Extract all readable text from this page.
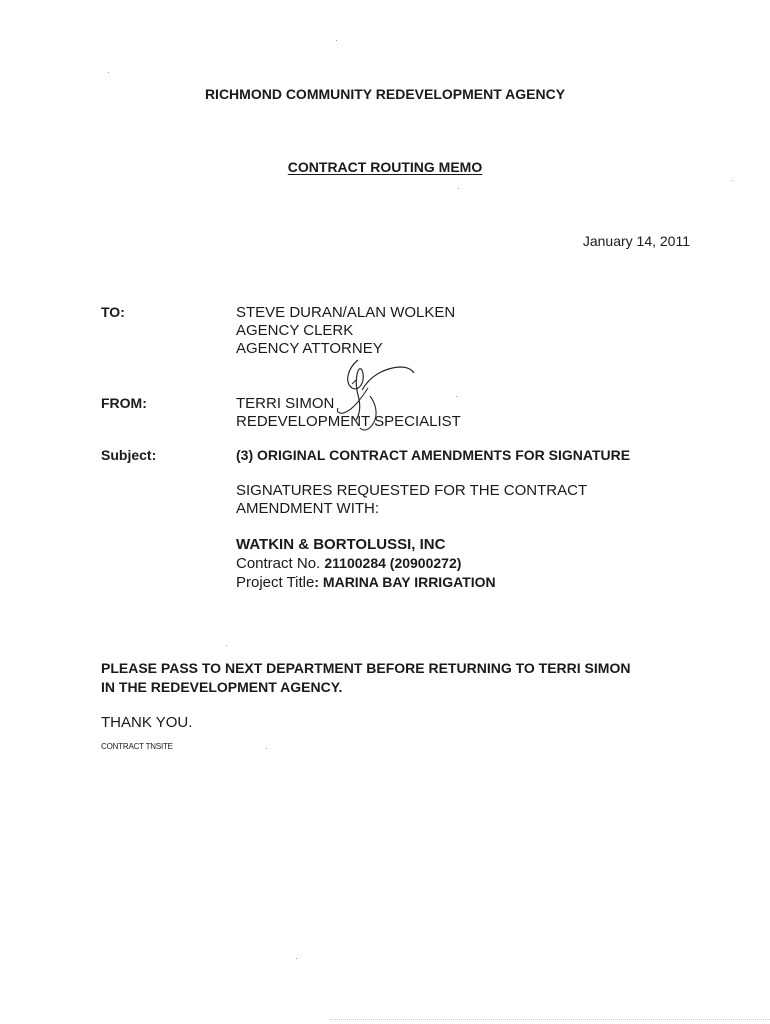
RICHMOND COMMUNITY REDEVELOPMENT AGENCY
CONTRACT ROUTING MEMO
January 14, 2011
TO:	STEVE DURAN/ALAN WOLKEN
AGENCY CLERK
AGENCY ATTORNEY
FROM:	TERRI SIMON
REDEVELOPMENT SPECIALIST
Subject:	(3) ORIGINAL CONTRACT AMENDMENTS FOR SIGNATURE
SIGNATURES REQUESTED FOR THE CONTRACT
AMENDMENT WITH:
WATKIN & BORTOLUSSI, INC
Contract No. 21100284 (20900272)
Project Title: MARINA BAY IRRIGATION
PLEASE PASS TO NEXT DEPARTMENT BEFORE RETURNING TO TERRI SIMON
IN THE REDEVELOPMENT AGENCY.
THANK YOU.
CONTRACT TNSITE
